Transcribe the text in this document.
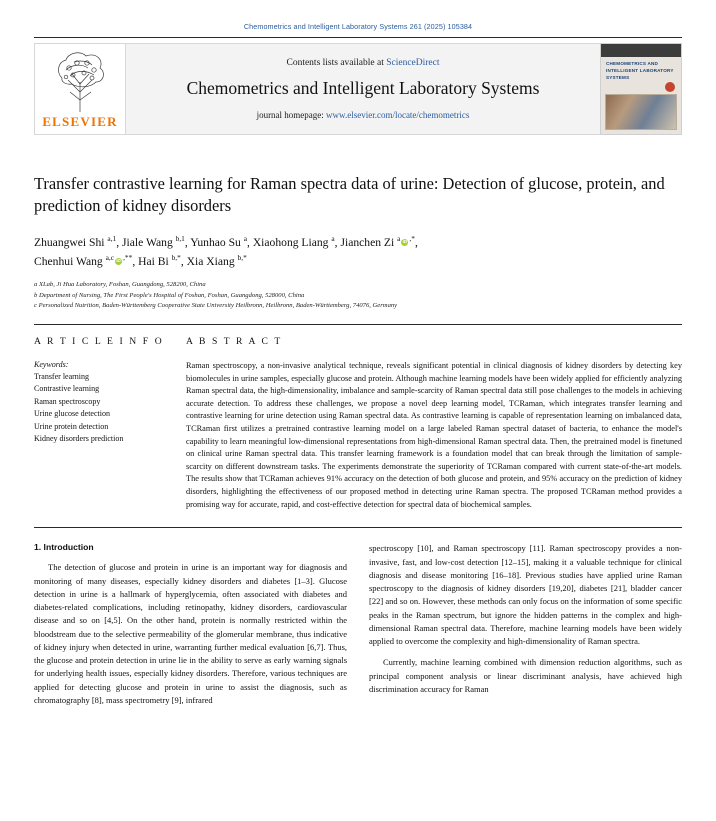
Chemometrics and Intelligent Laboratory Systems 261 (2025) 105384
ELSEVIER
Contents lists available at ScienceDirect
Chemometrics and Intelligent Laboratory Systems
journal homepage: www.elsevier.com/locate/chemometrics
CHEMOMETRICS AND INTELLIGENT LABORATORY SYSTEMS
Transfer contrastive learning for Raman spectra data of urine: Detection of glucose, protein, and prediction of kidney disorders
Zhuangwei Shi $^{a,1}$, Jiale Wang $^{b,1}$, Yunhao Su $^a$, Xiaohong Liang $^a$, Jianchen Zi $^a$ iD ,*,
Chenhui Wang $^{a,c}$ iD ,**, Hai Bi $^{b,*}$, Xia Xiang $^{b,*}$
a XLab, Ji Hua Laboratory, Foshan, Guangdong, 528200, China
b Department of Nursing, The First People's Hospital of Foshan, Foshan, Guangdong, 528000, China
c Personalized Nutrition, Baden-Württemberg Cooperative State University Heilbronn, Heilbronn, Baden-Württemberg, 74076, Germany
A R T I C L E I N F O
Keywords:
Transfer learning
Contrastive learning
Raman spectroscopy
Urine glucose detection
Urine protein detection
Kidney disorders prediction
A B S T R A C T
Raman spectroscopy, a non-invasive analytical technique, reveals significant potential in clinical diagnosis of kidney disorders by detecting key biomolecules in urine samples, especially glucose and protein. Although machine learning models have been widely applied for efficiently analyzing Raman spectral data, the high-dimensionality, imbalance and sample-scarcity of Raman spectral data still pose challenges to the models in achieving accurate detection. To address these challenges, we propose a novel deep learning model, TCRaman, which integrates transfer learning and contrastive learning for urine detection using Raman spectral data. As contrastive learning is capable of representation learning on imbalanced data, TCRaman first utilizes a pretrained contrastive learning model on a large labeled Raman spectral dataset of bacteria, to enhance the model's capability to learn meaningful low-dimensional representations from high-dimensional Raman spectral data. Then, the pretrained model is finetuned on clinical urine Raman spectral data. This transfer learning framework is a foundation model that can break through the limitation of sample-scarcity on different downstream tasks. The experiments demonstrate the superiority of TCRaman compared with current state-of-the-art models. The results show that TCRaman achieves 91% accuracy on the detection of both glucose and protein, and 95% accuracy on the prediction of kidney disorders, highlighting the effectiveness of our proposed method in detecting urine Raman spectra. The proposed TCRaman method provides a promising way for accurate, rapid, and cost-effective detection for spectral data of biochemical samples.
1. Introduction

The detection of glucose and protein in urine is an important way for diagnosis and monitoring of many diseases, especially kidney disorders and diabetes [1–3]. Glucose detection in urine is a hallmark of hyperglycemia, often associated with diabetes and diabetes-related complications, including retinopathy, kidney disorders, cardiovascular disease and so on [4,5]. On the other hand, protein is normally restricted within the bloodstream due to the selective permeability of the glomerular membrane, thus indicative of kidney injury when detected in urine, warranting further medical evaluation [6,7]. Thus, the glucose and protein detection in urine lie in the ability to serve as early warning signals for underlying health issues, especially kidney disorders. Therefore, various techniques are applied for detecting glucose and protein in urine to assist the diagnosis, such as chromatography [8], mass spectrometry [9], infrared

spectroscopy [10], and Raman spectroscopy [11]. Raman spectroscopy provides a non-invasive, fast, and low-cost detection [12–15], making it a valuable technique for clinical diagnosis and disease monitoring [16–18]. Previous studies have applied urine Raman spectroscopy to the diagnosis of kidney disorders [19,20], diabetes [21], bladder cancer [22] and so on. However, these methods can only focus on the information of some specific peaks in the Raman spectrum, but ignore the hidden patterns in the complex and high-dimensional Raman spectral data. Therefore, machine learning models have been widely applied to overcome the complexity and high-dimensionality of Raman spectra.

Currently, machine learning combined with dimension reduction algorithms, such as principal component analysis or linear discriminant analysis, have achieved high discrimination accuracy for Raman
